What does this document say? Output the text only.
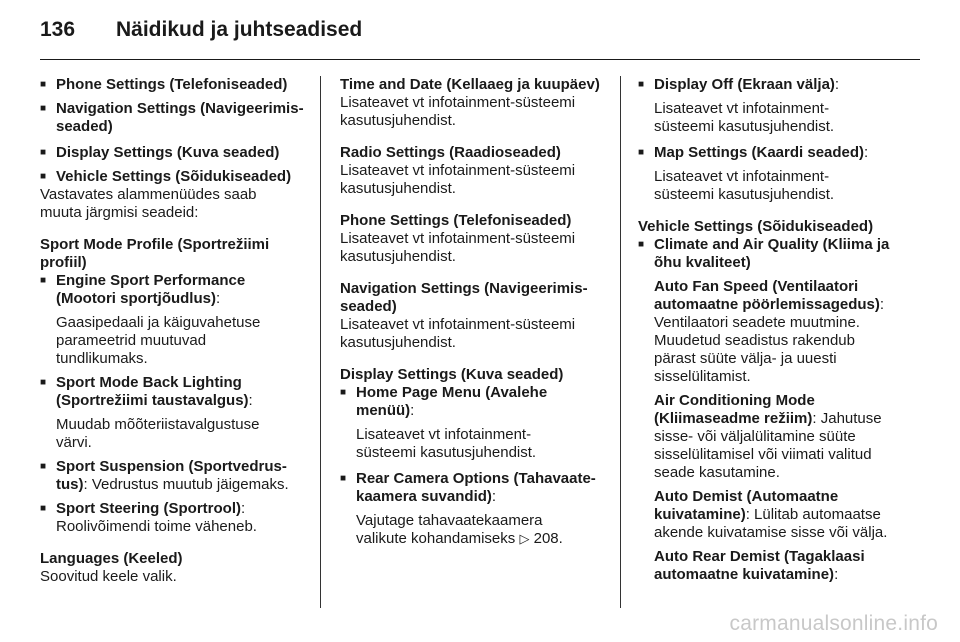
136	Näidikud ja juhtseadised

■ Phone Settings (Telefoniseaded)

■ Navigation Settings (Navigeerimis- seaded)

■ Display Settings (Kuva seaded)

■ Vehicle Settings (Sõidukiseaded)

Vastavates alammenüüdes saab
muuta järgmisi seadeid:

Sport Mode Profile (Sportrežiimi
profiil)

■ Engine Sport Performance
(Mootori sportjõudlus):

Gaasipedaali ja käiguvahetuse
parameetrid muutuvad
tundlikumaks.

■ Sport Mode Back Lighting
(Sportrežiimi taustavalgus):

Muudab mõõteriistavalgustuse
värvi.

■ Sport Suspension (Sportvedrus-
tus): Vedrustus muutub jäigemaks.

■ Sport Steering (Sportrool):
Roolivõimendi toime väheneb.

Languages (Keeled)

Soovitud keele valik.

Time and Date (Kellaaeg ja kuupäev)

Lisateavet vt infotainment-süsteemi
kasutusjuhendist.

Radio Settings (Raadioseaded)

Lisateavet vt infotainment-süsteemi
kasutusjuhendist.

Phone Settings (Telefoniseaded)

Lisateavet vt infotainment-süsteemi
kasutusjuhendist.

Navigation Settings (Navigeerimis-
seaded)

Lisateavet vt infotainment-süsteemi
kasutusjuhendist.

Display Settings (Kuva seaded)

■ Home Page Menu (Avalehe
menüü):

Lisateavet vt infotainment-
süsteemi kasutusjuhendist.

■ Rear Camera Options (Tahavaate-
kaamera suvandid):

Vajutage tahavaatekaamera
valikute kohandamiseks ▷ 208.

■ Display Off (Ekraan välja):

Lisateavet vt infotainment-
süsteemi kasutusjuhendist.

■ Map Settings (Kaardi seaded):

Lisateavet vt infotainment-
süsteemi kasutusjuhendist.

Vehicle Settings (Sõidukiseaded)

■ Climate and Air Quality (Kliima ja
õhu kvaliteet)

Auto Fan Speed (Ventilaatori
automaatne pöörlemissagedus):
Ventilaatori seadete muutmine.
Muudetud seadistus rakendub
pärast süüte välja- ja uuesti
sisselülitamist.

Air Conditioning Mode
(Kliimaseadme režiim): Jahutuse
sisse- või väljalülitamine süüte
sisselülitamisel või viimati valitud
seade kasutamine.

Auto Demist (Automaatne
kuivatamine): Lülitab automaatse
akende kuivatamise sisse või välja.

Auto Rear Demist (Tagaklaasi
automaatne kuivatamine):

carmanualsonline.info
